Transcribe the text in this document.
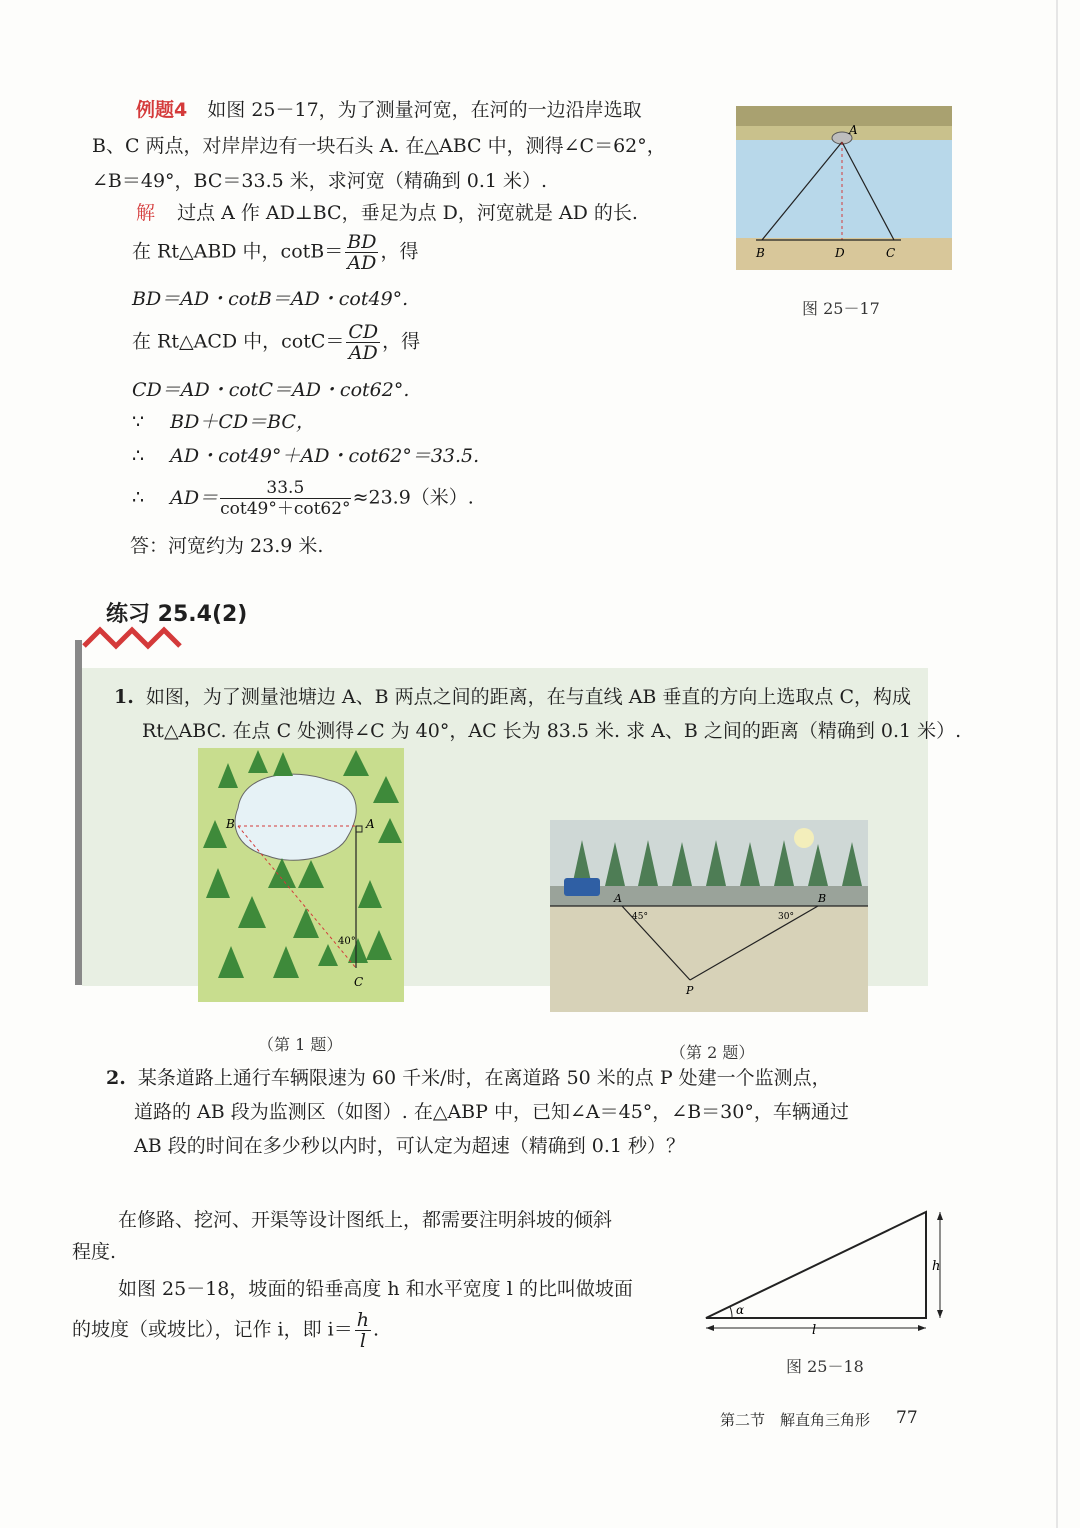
例题4 如图 25－17，为了测量河宽，在河的一边沿岸选取
B、C 两点，对岸岸边有一块石头 A. 在△ABC 中，测得∠C＝62°，
∠B＝49°，BC＝33.5 米，求河宽（精确到 0.1 米）.
解 过点 A 作 AD⊥BC，垂足为点 D，河宽就是 AD 的长.
在 Rt△ABD 中，$\cot B= \frac{BD}{AD}$ ，得
BD＝AD・cotB＝AD・cot49°.
在 Rt△ACD 中，$\cot C= \frac{CD}{AD}$ ，得
CD＝AD・cotC＝AD・cot62°.
∵ BD＋CD＝BC，
∴ AD・cot49°＋AD・cot62°＝33.5.
∴ $AD= \frac{33.5}{\cot 49^\circ+\cot 62^\circ} \approx 23.9$（米）.
答：河宽约为 23.9 米.
A
B	D	C
图 25－17
练习 25.4(2)
1. 如图，为了测量池塘边 A、B 两点之间的距离，在与直线 AB 垂直的方向上选取点 C，构成
Rt△ABC. 在点 C 处测得∠C 为 40°，AC 长为 83.5 米. 求 A、B 之间的距离（精确到 0.1 米）.
B	A
C
40°
（第 1 题）
A	B
P
45°	30°
（第 2 题）
2. 某条道路上通行车辆限速为 60 千米/时，在离道路 50 米的点 P 处建一个监测点，
道路的 AB 段为监测区（如图）. 在△ABP 中，已知∠A＝45°，∠B＝30°，车辆通过
AB 段的时间在多少秒以内时，可认定为超速（精确到 0.1 秒）？
在修路、挖河、开渠等设计图纸上，都需要注明斜坡的倾斜
程度.
如图 25－18，坡面的铅垂高度 h 和水平宽度 l 的比叫做坡面
的坡度（或坡比），记作 i，即 $i= \frac{h}{l}$ .
α
l
h
图 25－18
第二节　解直角三角形 77
